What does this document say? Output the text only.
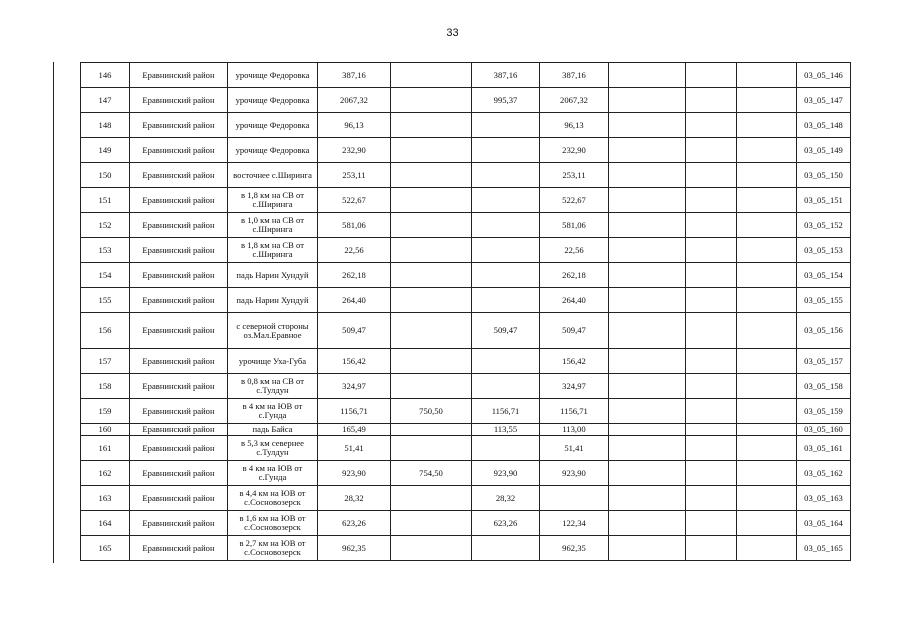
33
146	Еравнинский район	урочище Федоровка	387,16		387,16	387,16				03_05_146
147	Еравнинский район	урочище Федоровка	2067,32		995,37	2067,32				03_05_147
148	Еравнинский район	урочище Федоровка	96,13			96,13				03_05_148
149	Еравнинский район	урочище Федоровка	232,90			232,90				03_05_149
150	Еравнинский район	восточнее с.Ширинга	253,11			253,11				03_05_150
151	Еравнинский район	в 1,8 км на СВ от с.Ширинга	522,67			522,67				03_05_151
152	Еравнинский район	в 1,0 км на СВ от с.Ширинга	581,06			581,06				03_05_152
153	Еравнинский район	в 1,8 км на СВ от с.Ширинга	22,56			22,56				03_05_153
154	Еравнинский район	падь Нарин Хундуй	262,18			262,18				03_05_154
155	Еравнинский район	падь Нарин Хундуй	264,40			264,40				03_05_155
156	Еравнинский район	с северной стороны оз.Мал.Еравное	509,47		509,47	509,47				03_05_156
157	Еравнинский район	урочище Уха-Губа	156,42			156,42				03_05_157
158	Еравнинский район	в 0,8 км на СВ от с.Тулдун	324,97			324,97				03_05_158
159	Еравнинский район	в 4 км на ЮВ от с.Гунда	1156,71	750,50	1156,71	1156,71				03_05_159
160	Еравнинский район	падь Байса	165,49		113,55	113,00				03_05_160
161	Еравнинский район	в 5,3 км севернее с.Тулдун	51,41			51,41				03_05_161
162	Еравнинский район	в 4 км на ЮВ от с.Гунда	923,90	754,50	923,90	923,90				03_05_162
163	Еравнинский район	в 4,4 км на ЮВ от с.Сосновозерск	28,32		28,32					03_05_163
164	Еравнинский район	в 1,6 км на ЮВ от с.Сосновозерск	623,26		623,26	122,34				03_05_164
165	Еравнинский район	в 2,7 км на ЮВ от с.Сосновозерск	962,35			962,35				03_05_165
